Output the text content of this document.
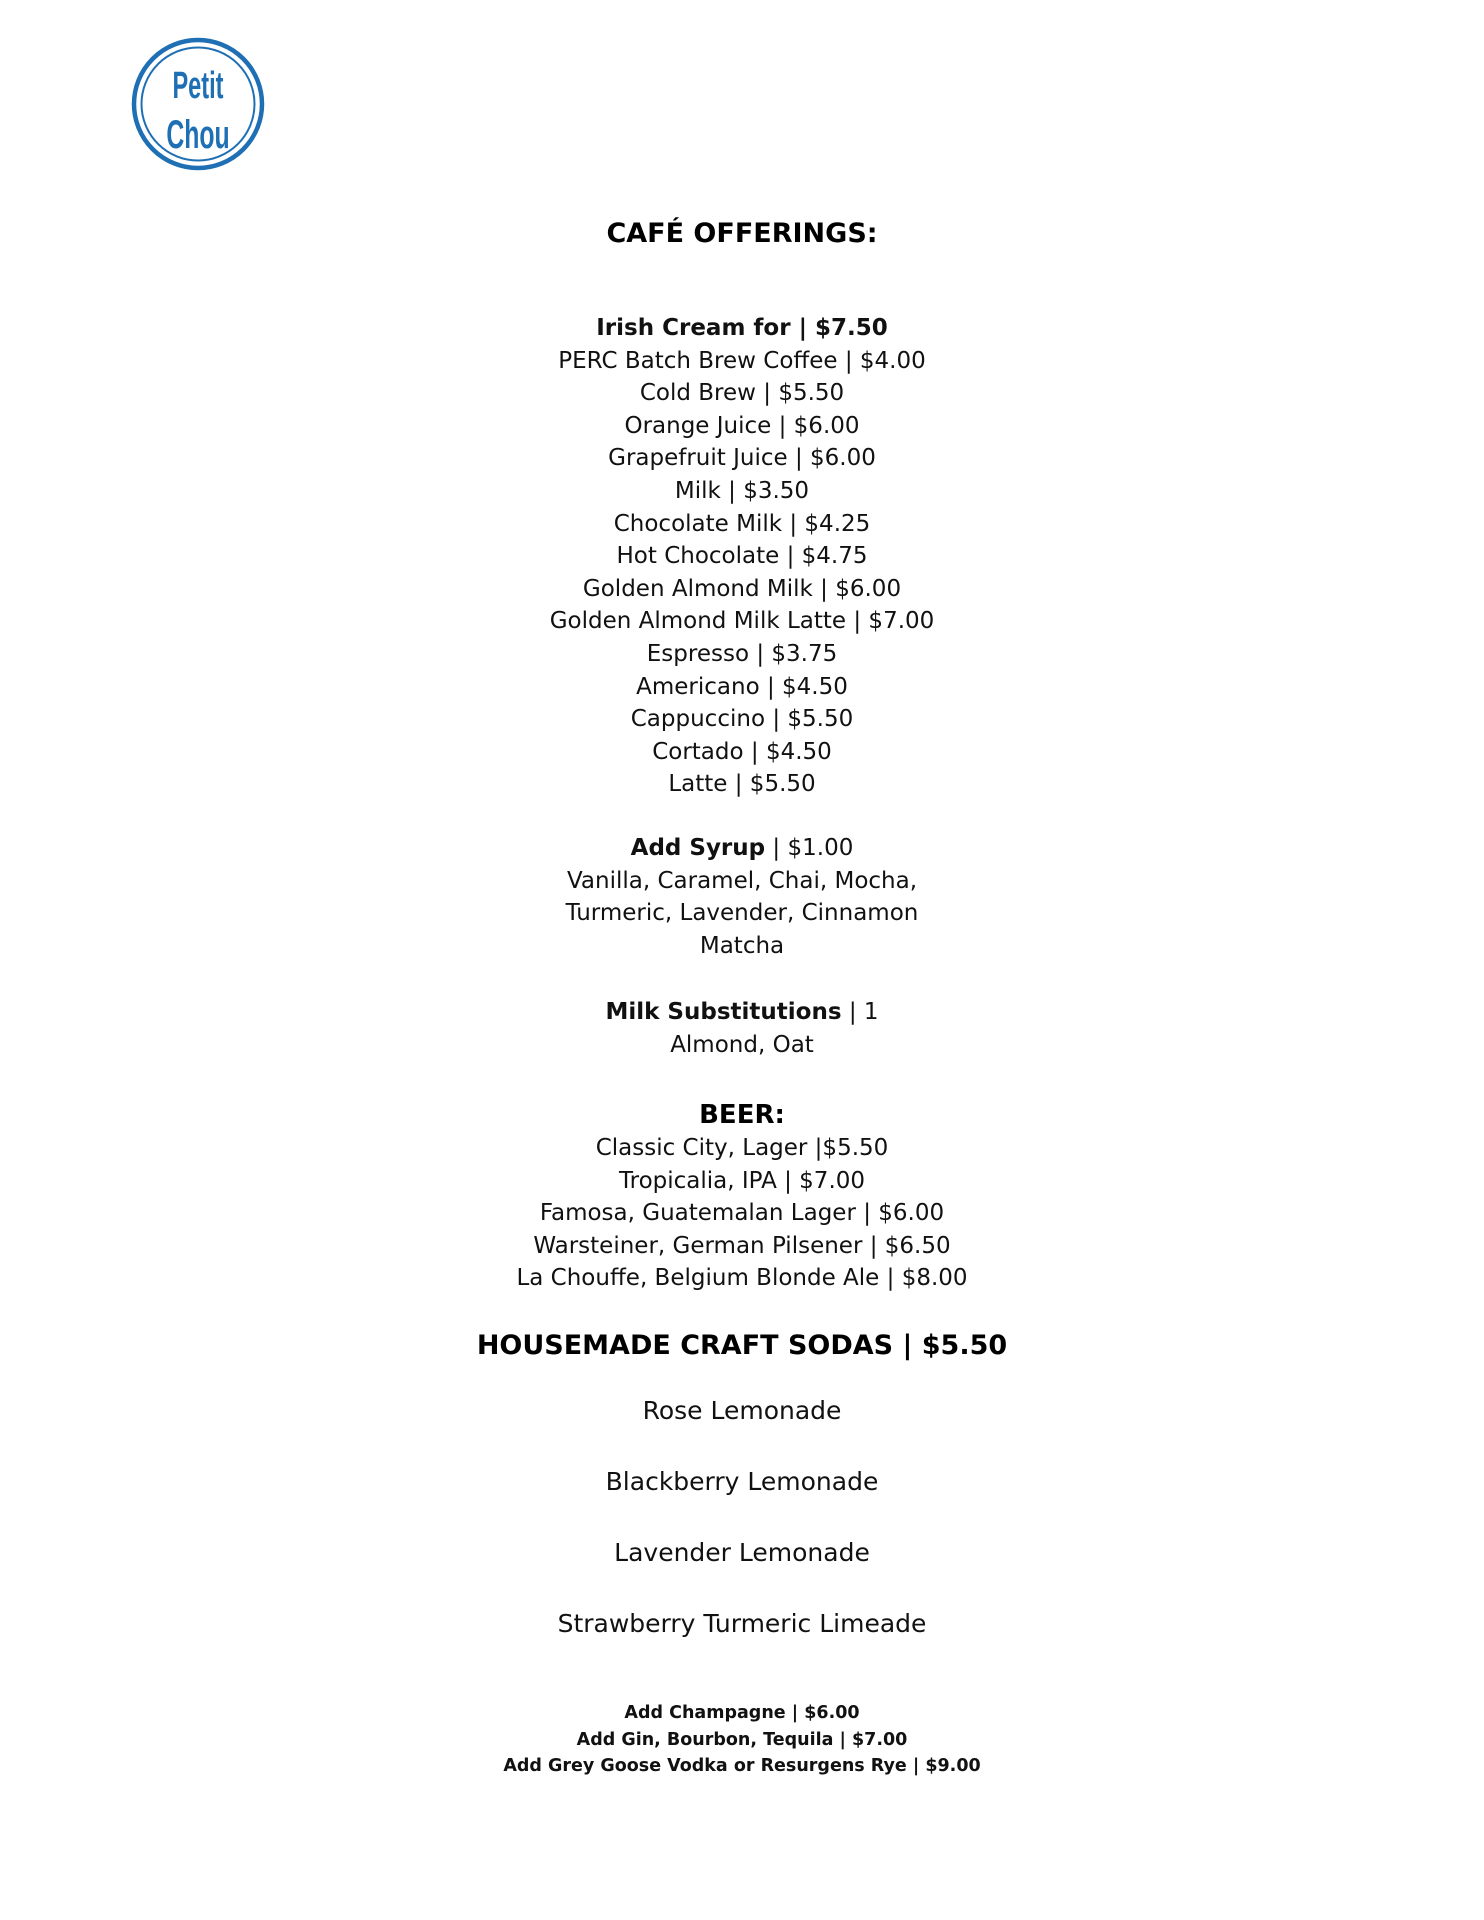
Petit
Chou
CAFÉ OFFERINGS:
Irish Cream for | $7.50
PERC Batch Brew Coffee | $4.00
Cold Brew | $5.50
Orange Juice | $6.00
Grapefruit Juice | $6.00
Milk | $3.50
Chocolate Milk | $4.25
Hot Chocolate | $4.75
Golden Almond Milk | $6.00
Golden Almond Milk Latte | $7.00
Espresso | $3.75
Americano | $4.50
Cappuccino | $5.50
Cortado | $4.50
Latte | $5.50
Add Syrup | $1.00
Vanilla, Caramel, Chai, Mocha,
Turmeric, Lavender, Cinnamon
Matcha
Milk Substitutions | 1
Almond, Oat
BEER:
Classic City, Lager |$5.50
Tropicalia, IPA | $7.00
Famosa, Guatemalan Lager | $6.00
Warsteiner, German Pilsener | $6.50
La Chouffe, Belgium Blonde Ale | $8.00
HOUSEMADE CRAFT SODAS | $5.50
Rose Lemonade
Blackberry Lemonade
Lavender Lemonade
Strawberry Turmeric Limeade
Add Champagne | $6.00
Add Gin, Bourbon, Tequila | $7.00
Add Grey Goose Vodka or Resurgens Rye | $9.00
